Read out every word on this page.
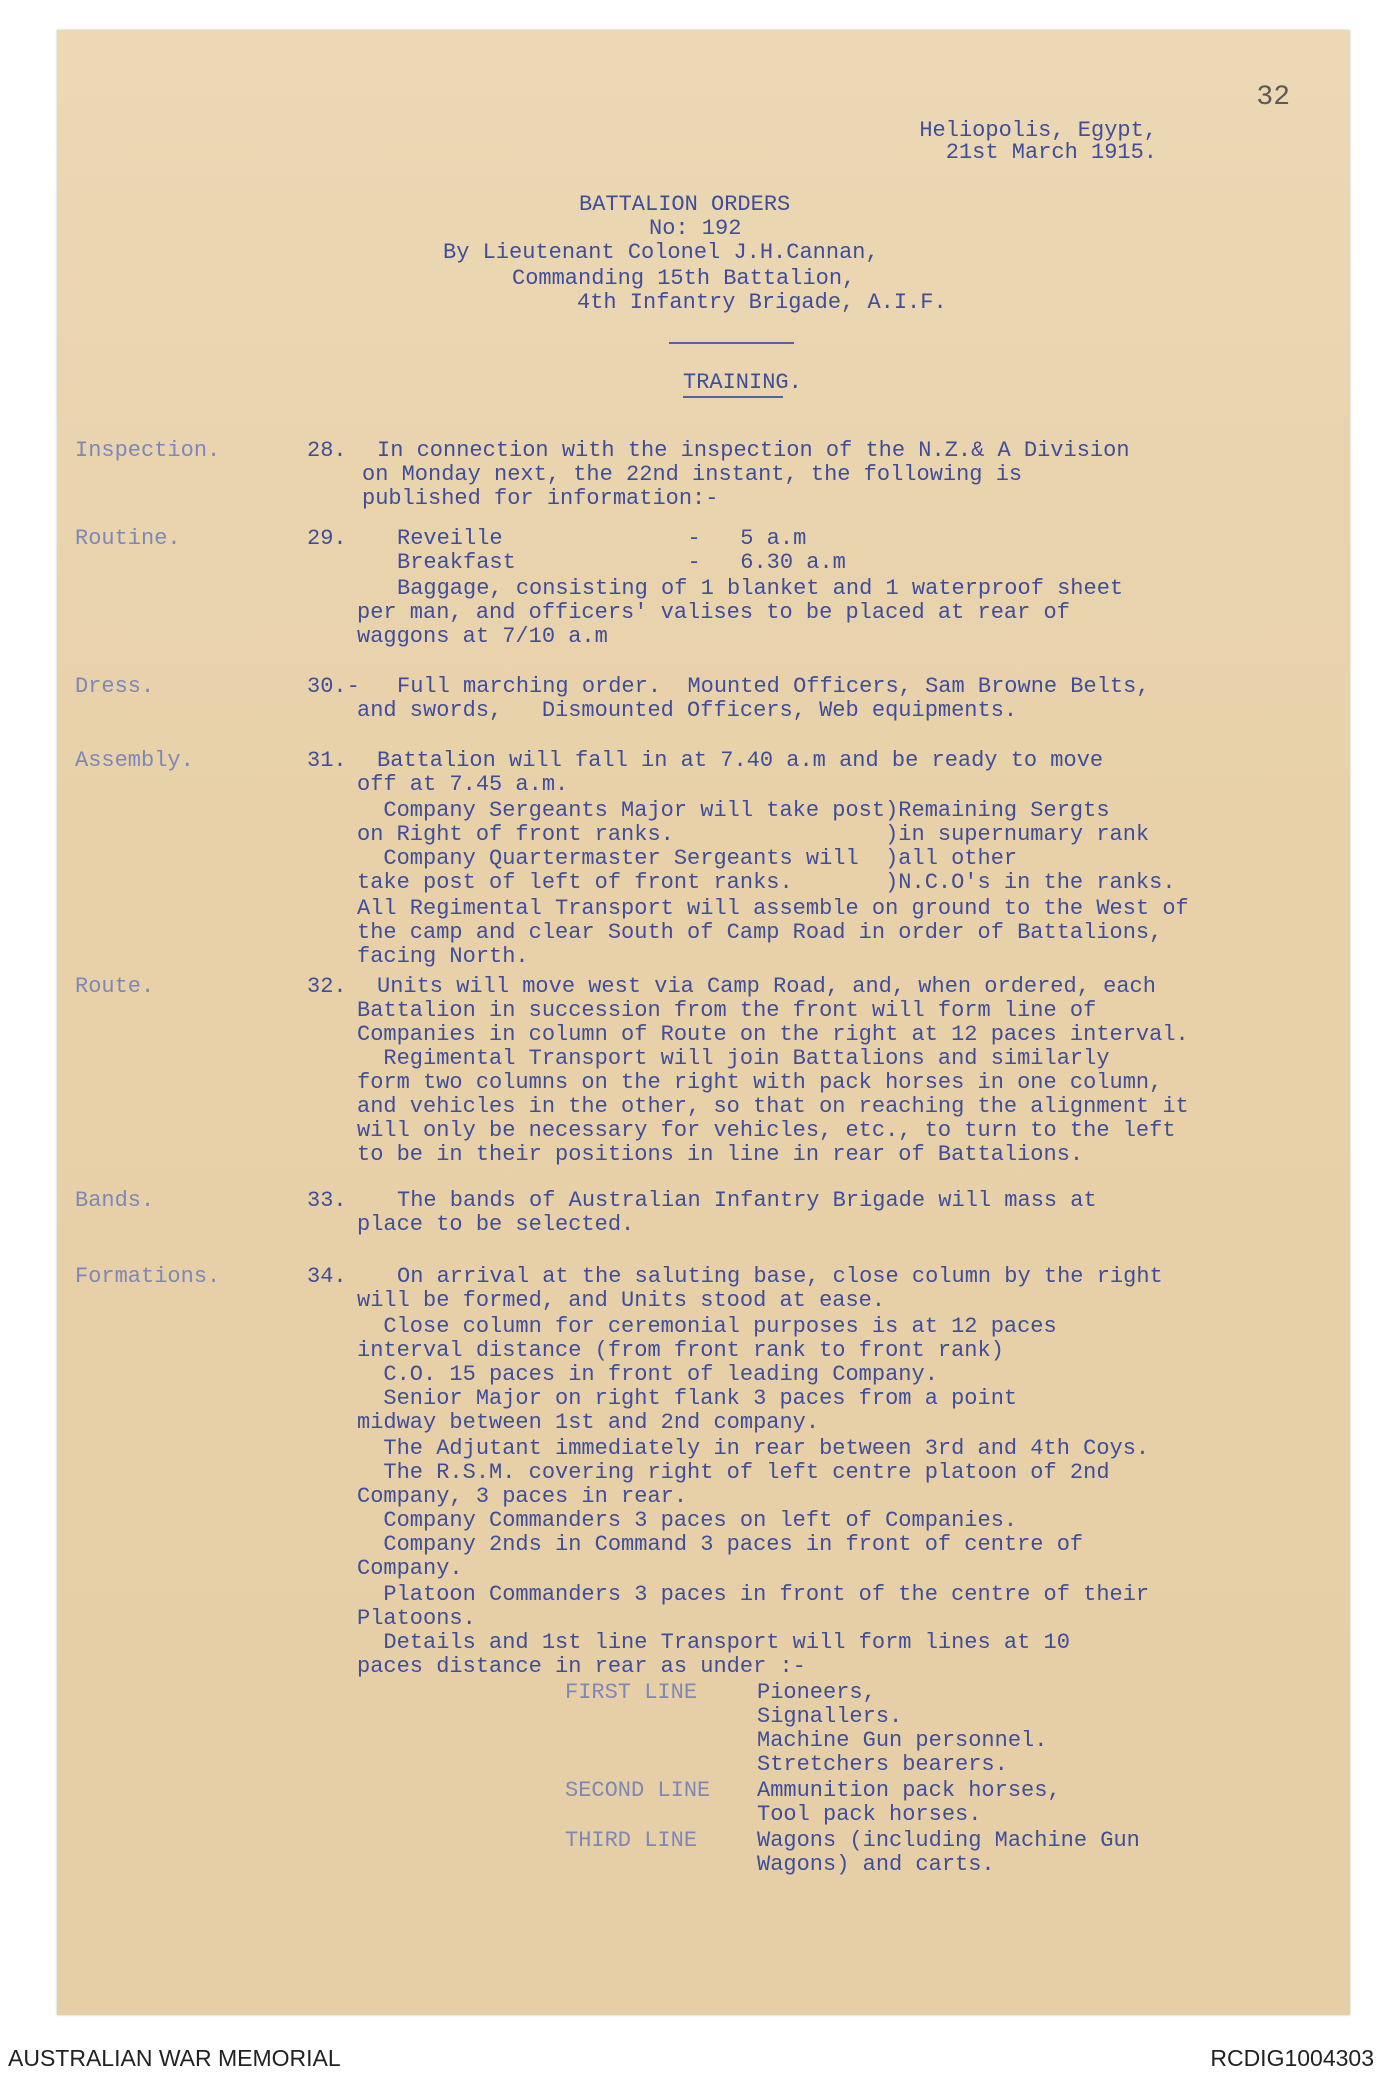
32
Heliopolis, Egypt,
21st March 1915.
BATTALION ORDERS
No: 192
By Lieutenant Colonel J.H.Cannan,
Commanding 15th Battalion,
4th Infantry Brigade, A.I.F.
TRAINING.
Inspection.	28. In connection with the inspection of the N.Z.& A Division
on Monday next, the 22nd instant, the following is
published for information:-
Routine.	29. Reveille              -   5 a.m
Breakfast             -   6.30 a.m
Baggage, consisting of 1 blanket and 1 waterproof sheet
per man, and officers' valises to be placed at rear of
waggons at 7/10 a.m
Dress.	30.- Full marching order.  Mounted Officers, Sam Browne Belts,
and swords,   Dismounted Officers, Web equipments.
Assembly.	31. Battalion will fall in at 7.40 a.m and be ready to move
off at 7.45 a.m.
Company Sergeants Major will take post)Remaining Sergts
on Right of front ranks.                )in supernumary rank
Company Quartermaster Sergeants will  )all other
take post of left of front ranks.       )N.C.O's in the ranks.
All Regimental Transport will assemble on ground to the West of
the camp and clear South of Camp Road in order of Battalions,
facing North.
Route.	32. Units will move west via Camp Road, and, when ordered, each
Battalion in succession from the front will form line of
Companies in column of Route on the right at 12 paces interval.
Regimental Transport will join Battalions and similarly
form two columns on the right with pack horses in one column,
and vehicles in the other, so that on reaching the alignment it
will only be necessary for vehicles, etc., to turn to the left
to be in their positions in line in rear of Battalions.
Bands.	33. The bands of Australian Infantry Brigade will mass at
place to be selected.
Formations.	34. On arrival at the saluting base, close column by the right
will be formed, and Units stood at ease.
Close column for ceremonial purposes is at 12 paces
interval distance (from front rank to front rank)
C.O. 15 paces in front of leading Company.
Senior Major on right flank 3 paces from a point
midway between 1st and 2nd company.
The Adjutant immediately in rear between 3rd and 4th Coys.
The R.S.M. covering right of left centre platoon of 2nd
Company, 3 paces in rear.
Company Commanders 3 paces on left of Companies.
Company 2nds in Command 3 paces in front of centre of
Company.
Platoon Commanders 3 paces in front of the centre of their
Platoons.
Details and 1st line Transport will form lines at 10
paces distance in rear as under :-
FIRST LINE	Pioneers,
Signallers.
Machine Gun personnel.
Stretchers bearers.
SECOND LINE Ammunition pack horses,
Tool pack horses.
THIRD LINE	Wagons (including Machine Gun
Wagons) and carts.
AUSTRALIAN WAR MEMORIAL	RCDIG1004303
